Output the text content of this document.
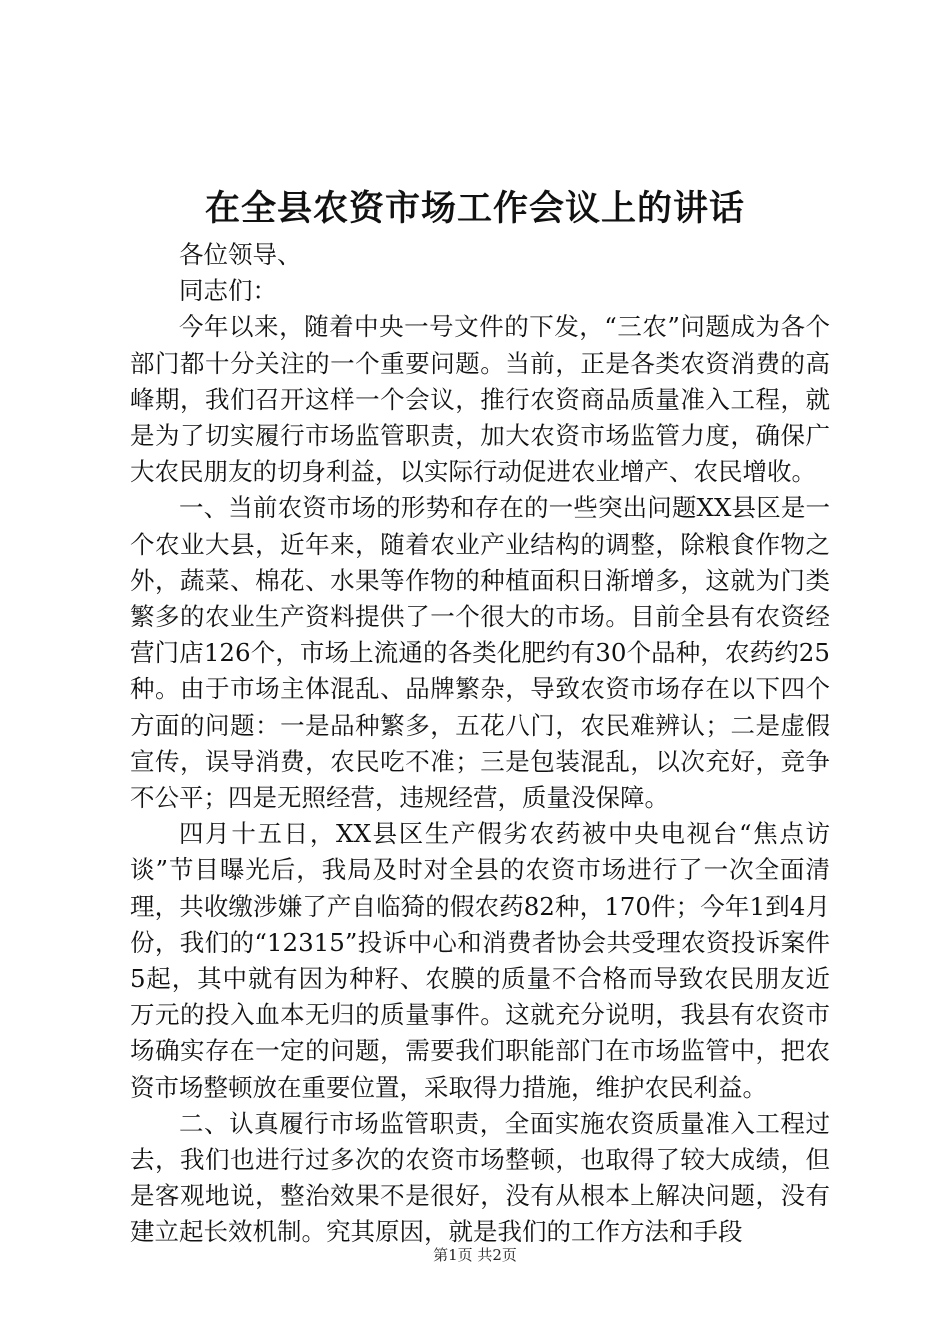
在全县农资市场工作会议上的讲话

各位领导、

同志们：

今年以来，随着中央一号文件的下发，“三农”问题成为各个部门都十分关注的一个重要问题。当前，正是各类农资消费的高峰期，我们召开这样一个会议，推行农资商品质量准入工程，就是为了切实履行市场监管职责，加大农资市场监管力度，确保广大农民朋友的切身利益，以实际行动促进农业增产、农民增收。

一、当前农资市场的形势和存在的一些突出问题XX县区是一个农业大县，近年来，随着农业产业结构的调整，除粮食作物之外，蔬菜、棉花、水果等作物的种植面积日渐增多，这就为门类繁多的农业生产资料提供了一个很大的市场。目前全县有农资经营门店126个，市场上流通的各类化肥约有30个品种，农药约25种。由于市场主体混乱、品牌繁杂，导致农资市场存在以下四个方面的问题：一是品种繁多，五花八门，农民难辨认；二是虚假宣传，误导消费，农民吃不准；三是包装混乱，以次充好，竞争不公平；四是无照经营，违规经营，质量没保障。

四月十五日，XX县区生产假劣农药被中央电视台“焦点访谈”节目曝光后，我局及时对全县的农资市场进行了一次全面清理，共收缴涉嫌了产自临猗的假农药82种，170件；今年1到4月份，我们的“12315”投诉中心和消费者协会共受理农资投诉案件5起，其中就有因为种籽、农膜的质量不合格而导致农民朋友近万元的投入血本无归的质量事件。这就充分说明，我县有农资市场确实存在一定的问题，需要我们职能部门在市场监管中，把农资市场整顿放在重要位置，采取得力措施，维护农民利益。

二、认真履行市场监管职责，全面实施农资质量准入工程过去，我们也进行过多次的农资市场整顿，也取得了较大成绩，但是客观地说，整治效果不是很好，没有从根本上解决问题，没有建立起长效机制。究其原因，就是我们的工作方法和手段

第1页 共2页
